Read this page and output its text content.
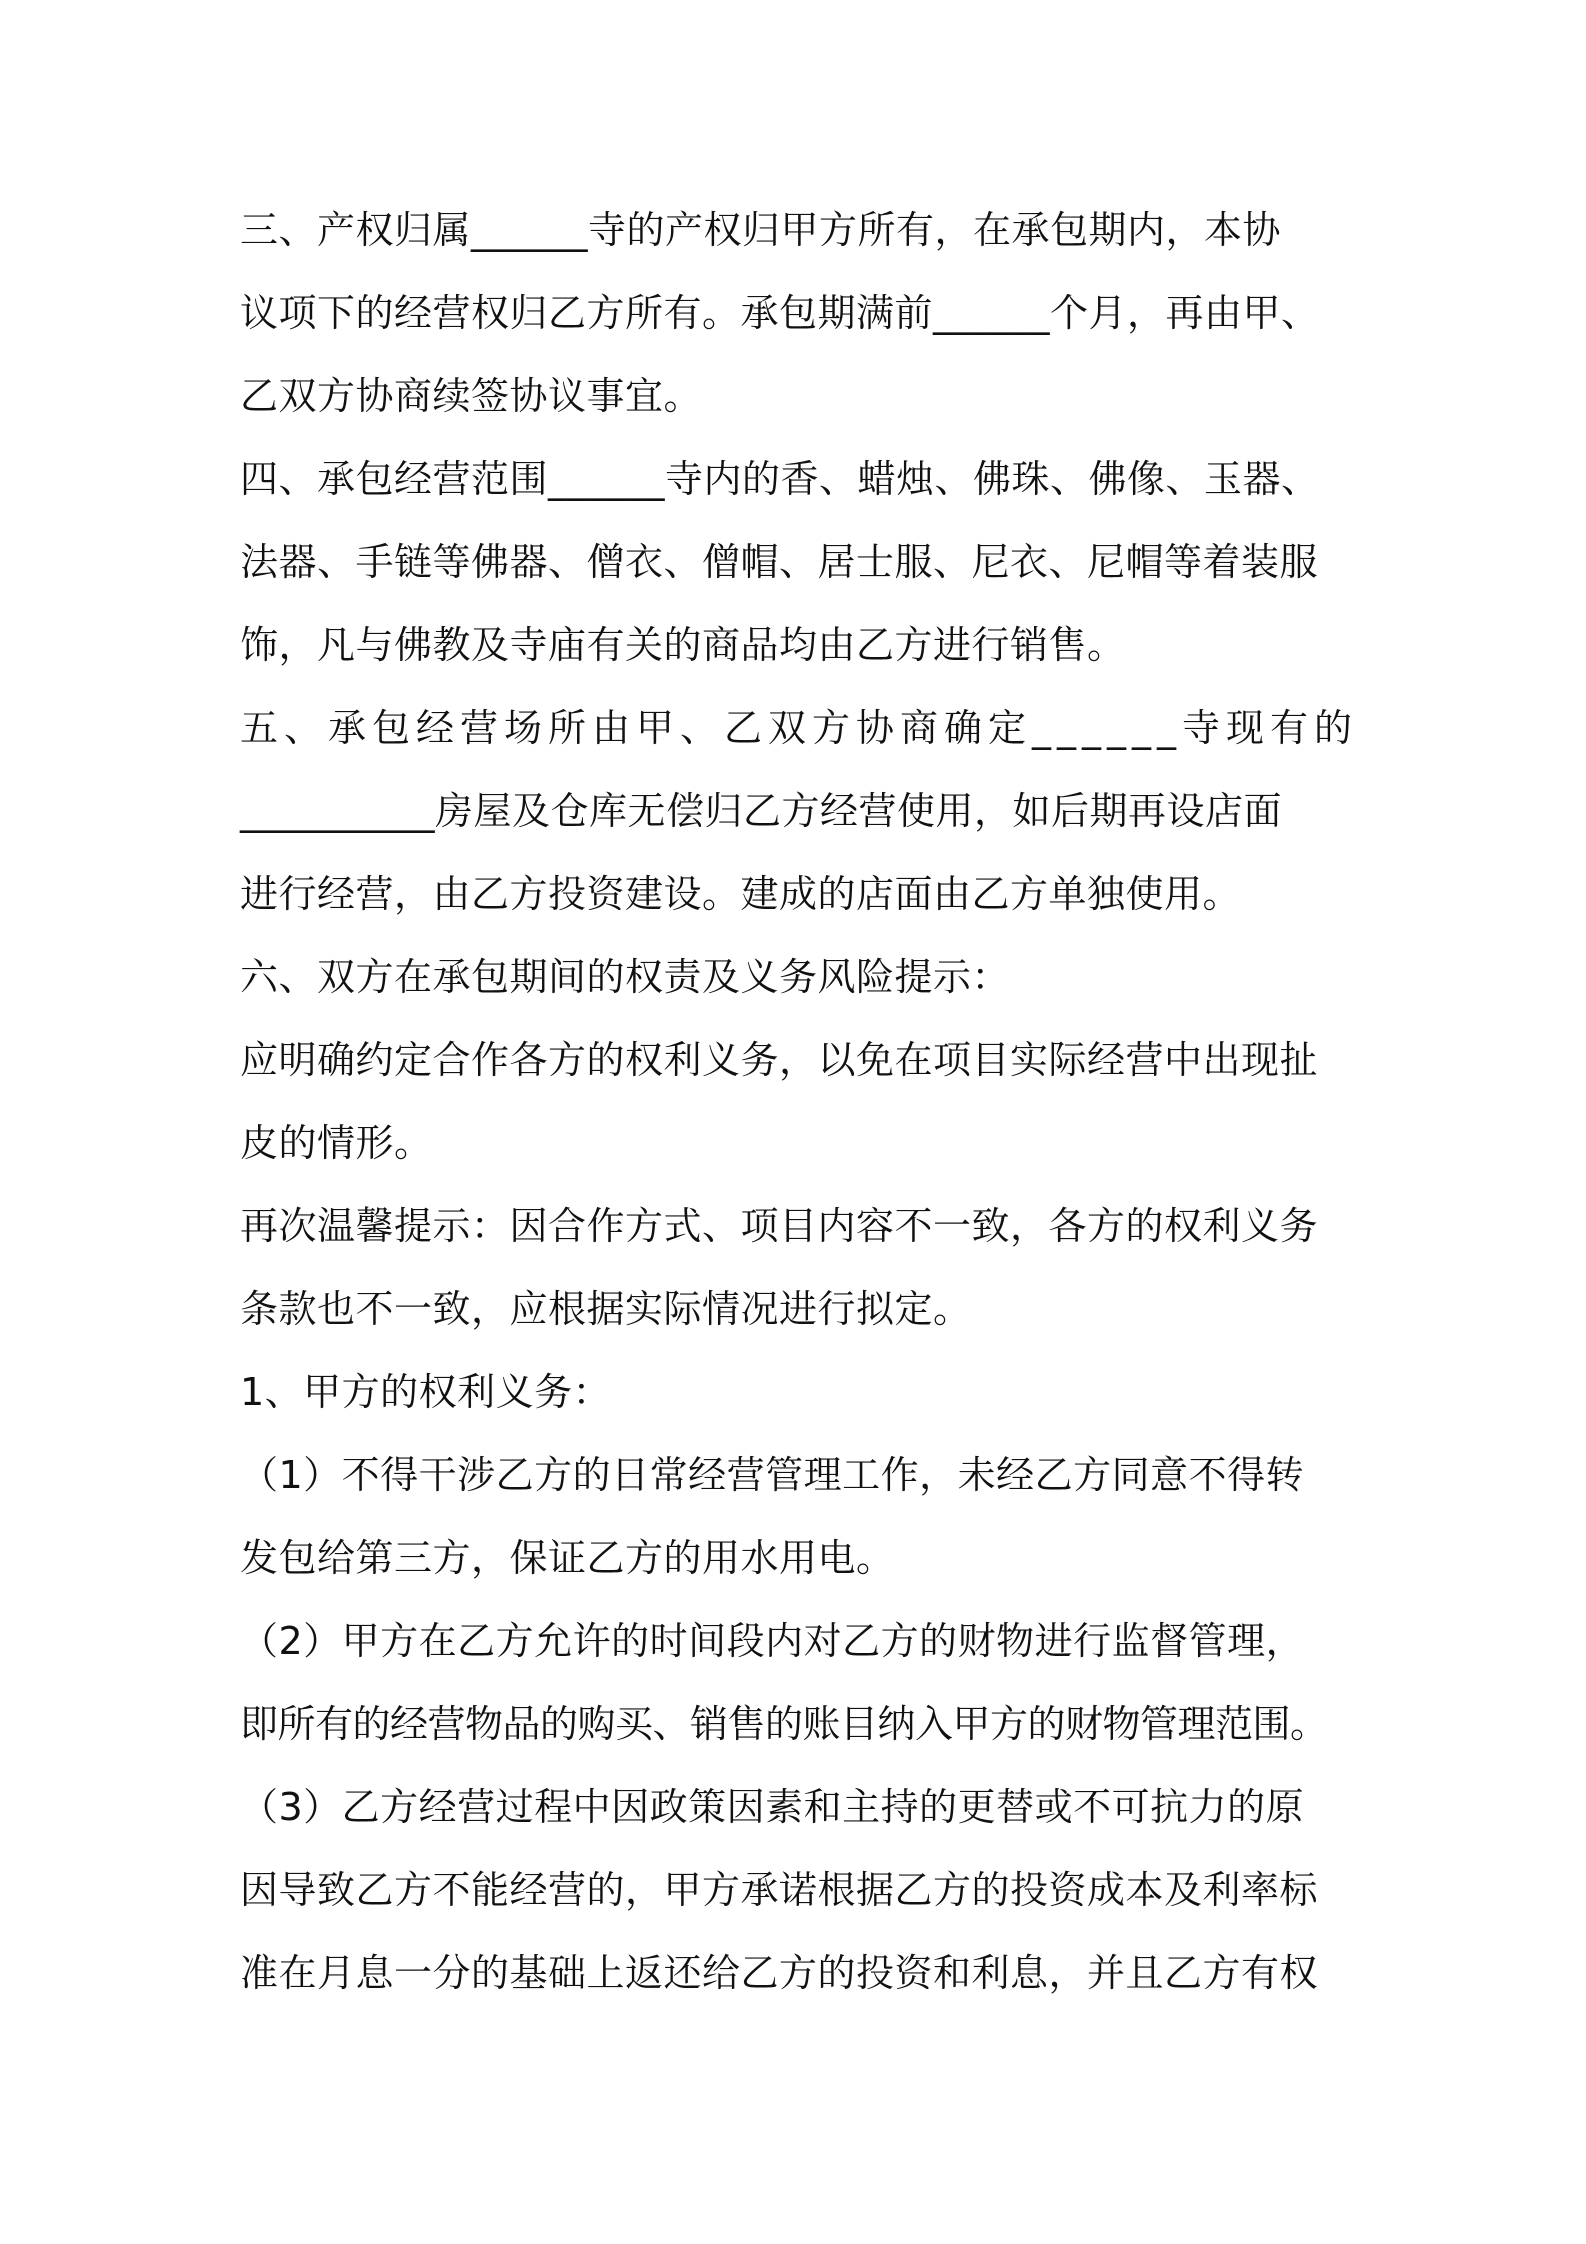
三、产权归属______寺的产权归甲方所有，在承包期内，本协
议项下的经营权归乙方所有。承包期满前______个月，再由甲、
乙双方协商续签协议事宜。
四、承包经营范围______寺内的香、蜡烛、佛珠、佛像、玉器、
法器、手链等佛器、僧衣、僧帽、居士服、尼衣、尼帽等着装服
饰，凡与佛教及寺庙有关的商品均由乙方进行销售。
五、承包经营场所由甲、乙双方协商确定______寺现有的
__________房屋及仓库无偿归乙方经营使用，如后期再设店面
进行经营，由乙方投资建设。建成的店面由乙方单独使用。
六、双方在承包期间的权责及义务风险提示：
应明确约定合作各方的权利义务，以免在项目实际经营中出现扯
皮的情形。
再次温馨提示：因合作方式、项目内容不一致，各方的权利义务
条款也不一致，应根据实际情况进行拟定。
1、甲方的权利义务：
（1）不得干涉乙方的日常经营管理工作，未经乙方同意不得转
发包给第三方，保证乙方的用水用电。
（2）甲方在乙方允许的时间段内对乙方的财物进行监督管理，
即所有的经营物品的购买、销售的账目纳入甲方的财物管理范围。
（3）乙方经营过程中因政策因素和主持的更替或不可抗力的原
因导致乙方不能经营的，甲方承诺根据乙方的投资成本及利率标
准在月息一分的基础上返还给乙方的投资和利息，并且乙方有权
